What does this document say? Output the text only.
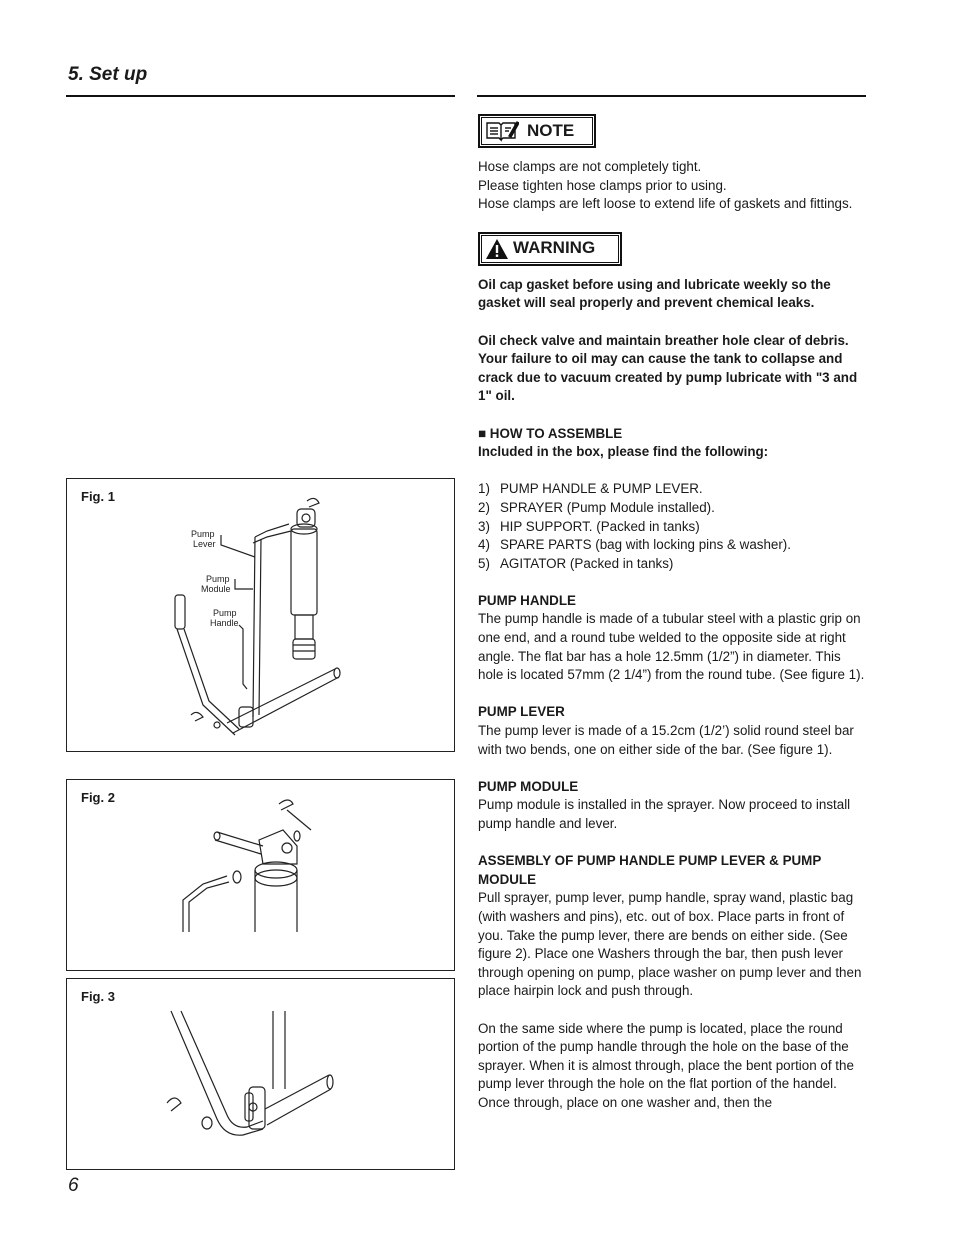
5. Set up
Pump
Lever
Pump
Module
Pump
Handle
Fig. 1
Fig. 2
Fig. 3
6
NOTE

Hose clamps are not completely tight.

Please tighten hose clamps prior to using.

Hose clamps are left loose to extend life of gaskets and fittings.

WARNING

Oil cap gasket before using and lubricate weekly so the gasket will seal properly and prevent chemical leaks.

Oil check valve and maintain breather hole clear of debris. Your failure to oil may can cause the tank to collapse and crack due to vacuum created by pump lubricate with "3 and 1" oil.

■ HOW TO ASSEMBLE

Included in the box, please find the following:

1) PUMP HANDLE & PUMP LEVER.
2) SPRAYER (Pump Module installed).
3) HIP SUPPORT. (Packed in tanks)
4) SPARE PARTS (bag with locking pins & washer).
5) AGITATOR (Packed in tanks)

PUMP HANDLE

The pump handle is made of a tubular steel with a plastic grip on one end, and a round tube welded to the opposite side at right angle. The flat bar has a hole 12.5mm (1/2”) in diameter. This hole is located 57mm (2 1/4”) from the round tube. (See figure 1).

PUMP LEVER

The pump lever is made of a 15.2cm (1/2’) solid round steel bar with two bends, one on either side of the bar. (See figure 1).

PUMP MODULE

Pump module is installed in the sprayer. Now proceed to install pump handle and lever.

ASSEMBLY OF PUMP HANDLE PUMP LEVER & PUMP MODULE

Pull sprayer, pump lever, pump handle, spray wand, plastic bag (with washers and pins), etc. out of box. Place parts in front of you. Take the pump lever, there are bends on either side. (See figure 2). Place one Washers through the bar, then push lever through opening on pump, place washer on pump lever and then place hairpin lock and push through.

On the same side where the pump is located, place the round portion of the pump handle through the hole on the base of the sprayer. When it is almost through, place the bent portion of the pump lever through the hole on the flat portion of the handel. Once through, place on one washer and, then the
